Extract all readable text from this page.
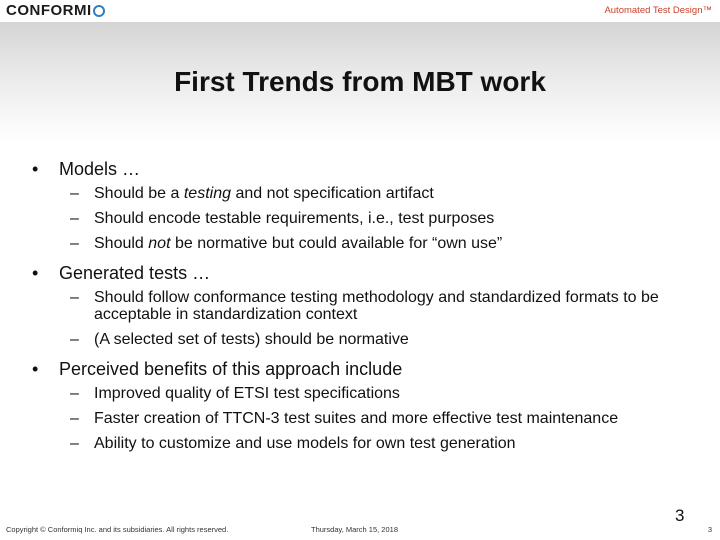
CONFORMI	Automated Test Design™
First Trends from MBT work

•	Models …

– Should be a testing and not specification artifact
– Should encode testable requirements, i.e., test purposes
– Should not be normative but could available for “own use”

•	Generated tests …

– Should follow conformance testing methodology and standardized formats to be acceptable in standardization context
– (A selected set of tests) should be normative

•	Perceived benefits of this approach include

– Improved quality of ETSI test specifications
– Faster creation of TTCN-3 test suites and more effective test maintenance
– Ability to customize and use models for own test generation
3
Copyright © Conformiq Inc. and its subsidiaries. All rights reserved.	Thursday, March 15, 2018	3
